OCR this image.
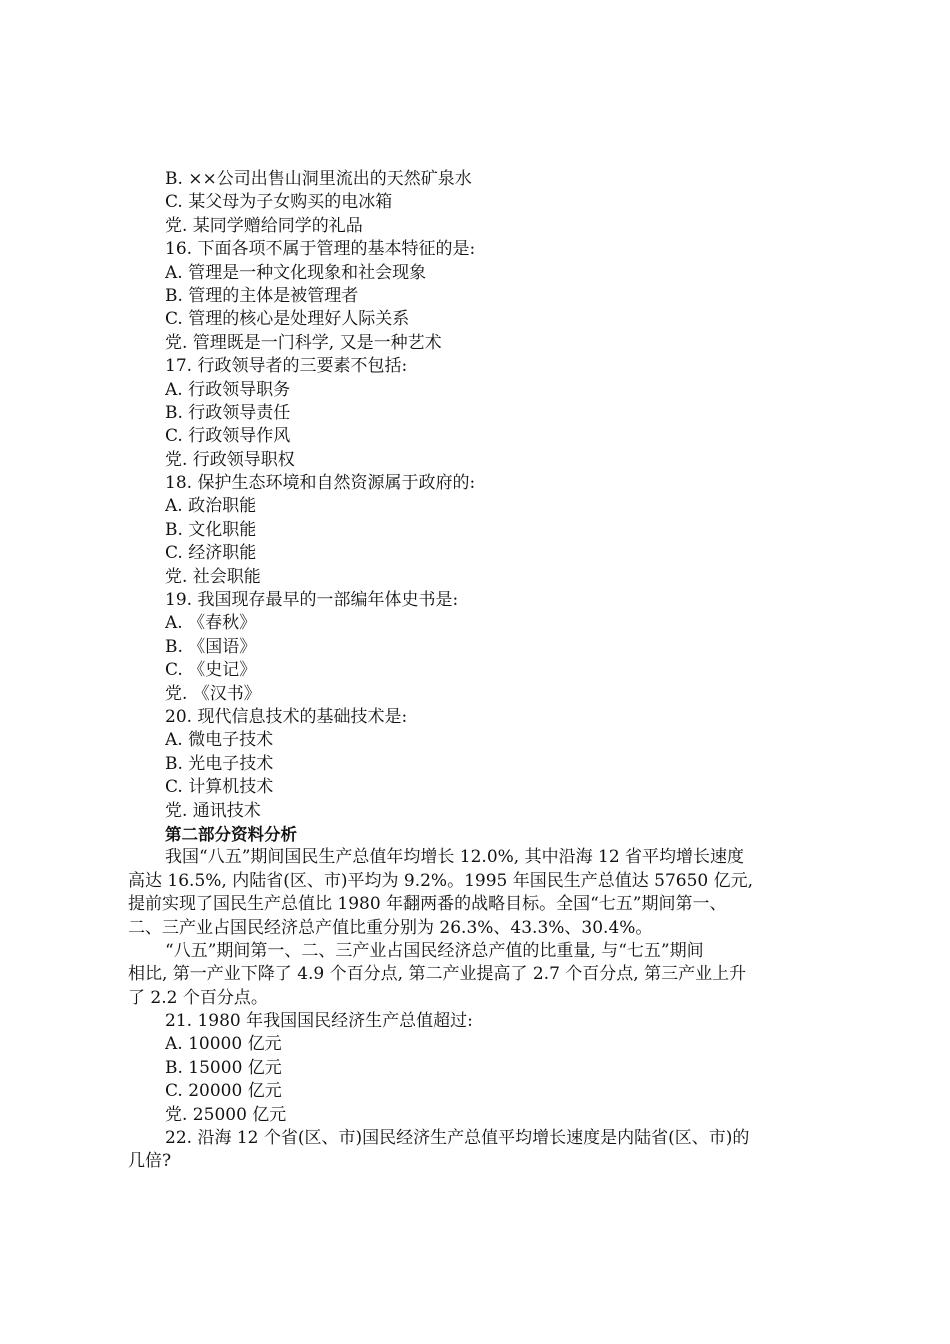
B. ××公司出售山洞里流出的天然矿泉水
C. 某父母为子女购买的电冰箱
党. 某同学赠给同学的礼品
16. 下面各项不属于管理的基本特征的是:
A. 管理是一种文化现象和社会现象
B. 管理的主体是被管理者
C. 管理的核心是处理好人际关系
党. 管理既是一门科学, 又是一种艺术
17. 行政领导者的三要素不包括:
A. 行政领导职务
B. 行政领导责任
C. 行政领导作风
党. 行政领导职权
18. 保护生态环境和自然资源属于政府的:
A. 政治职能
B. 文化职能
C. 经济职能
党. 社会职能
19. 我国现存最早的一部编年体史书是:
A. 《春秋》
B. 《国语》
C. 《史记》
党. 《汉书》
20. 现代信息技术的基础技术是:
A. 微电子技术
B. 光电子技术
C. 计算机技术
党. 通讯技术
第二部分资料分析
我国“八五”期间国民生产总值年均增长 12.0%, 其中沿海 12 省平均增长速度
高达 16.5%, 内陆省(区、市)平均为 9.2%。1995 年国民生产总值达 57650 亿元,
提前实现了国民生产总值比 1980 年翻两番的战略目标。全国“七五”期间第一、
二、三产业占国民经济总产值比重分别为 26.3%、43.3%、30.4%。
“八五”期间第一、二、三产业占国民经济总产值的比重量, 与“七五”期间
相比, 第一产业下降了 4.9 个百分点, 第二产业提高了 2.7 个百分点, 第三产业上升
了 2.2 个百分点。
21. 1980 年我国国民经济生产总值超过:
A. 10000 亿元
B. 15000 亿元
C. 20000 亿元
党. 25000 亿元
22. 沿海 12 个省(区、市)国民经济生产总值平均增长速度是内陆省(区、市)的
几倍?
